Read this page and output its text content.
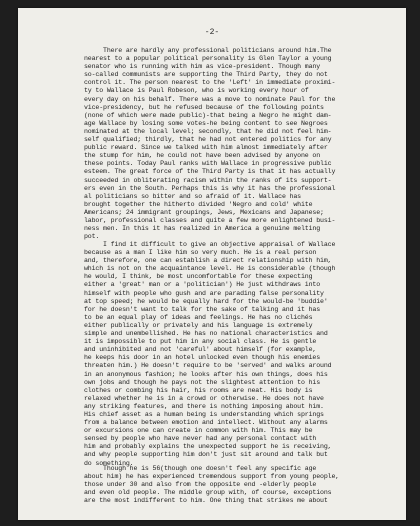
-2-
There are hardly any professional politicians around him.The
nearest to a popular political personality is Glen Taylor a young
senator who is running with him as vice-president. Though many
so-called communists are supporting the Third Party, they do not
control it. The person nearest to the 'Left' in immediate proximi-
ty to Wallace is Paul Robeson, who is working every hour of
every day on his behalf. There was a move to nominate Paul for the
vice-presidency, but he refused because of the following points
(none of which were made public)-that being a Negro he might dam-
age Wallace by losing some votes-he being content to see Negroes
nominated at the local level; secondly, that he did not feel him-
self qualified; thirdly, that he had not entered politics for any
public reward. Since we talked with him almost immediately after
the stump for him, he could not have been advised by anyone on
these points. Today Paul ranks with Wallace in progressive public
esteem. The great force of the Third Party is that it has actually
succeeded in obliterating racism within the ranks of its support-
ers even in the South. Perhaps this is why it has the professional
al politicians so bitter and so afraid of it. Wallace has
brought together the hitherto divided 'Negro and cold' white
Americans; 24 immigrant groupings, Jews, Mexicans and Japanese;
labor, professional classes and quite a few more enlightened busi-
ness men. In this it has realized in America a genuine melting
pot.
I find it difficult to give an objective appraisal of Wallace
because as a man I like him so very much. He is a real person
and, therefore, one can establish a direct relationship with him,
which is not on the acquaintance level. He is considerable (though
he would, I think, be most uncomfortable for these expecting
either a 'great' man or a 'politician') He just withdraws into
himself with people who gush and are parading false personality
at top speed; he would be equally hard for the would-be 'buddie'
for he doesn't want to talk for the sake of talking and it has
to be an equal play of ideas and feelings. He has no clichés
either publically or privately and his language is extremely
simple and unembellished. He has no national characteristics and
it is impossible to put him in any social class. He is gentle
and uninhibited and not 'careful' about himself (for example,
he keeps his door in an hotel unlocked even though his enemies
threaten him.) He doesn't require to be 'served' and walks around
in an anonymous fashion; he looks after his own things, does his
own jobs and though he pays not the slightest attention to his
clothes or combing his hair, his rooms are neat. His body is
relaxed whether he is in a crowd or otherwise. He does not have
any striking features, and there is nothing imposing about him.
His chief asset as a human being is understanding which springs
from a balance between emotion and intellect. Without any alarms
or excursions one can create in common with him. This may be
sensed by people who have never had any personal contact with
him and probably explains the unexpected support he is receiving,
and why people supporting him don't just sit around and talk but
do something.
Though he is 56(though one doesn't feel any specific age
about him) he has experienced tremendous support from young people,
those under 30 and also from the opposite end -elderly people
and even old people. The middle group with, of course, exceptions
are the most indifferent to him. One thing that strikes me about
